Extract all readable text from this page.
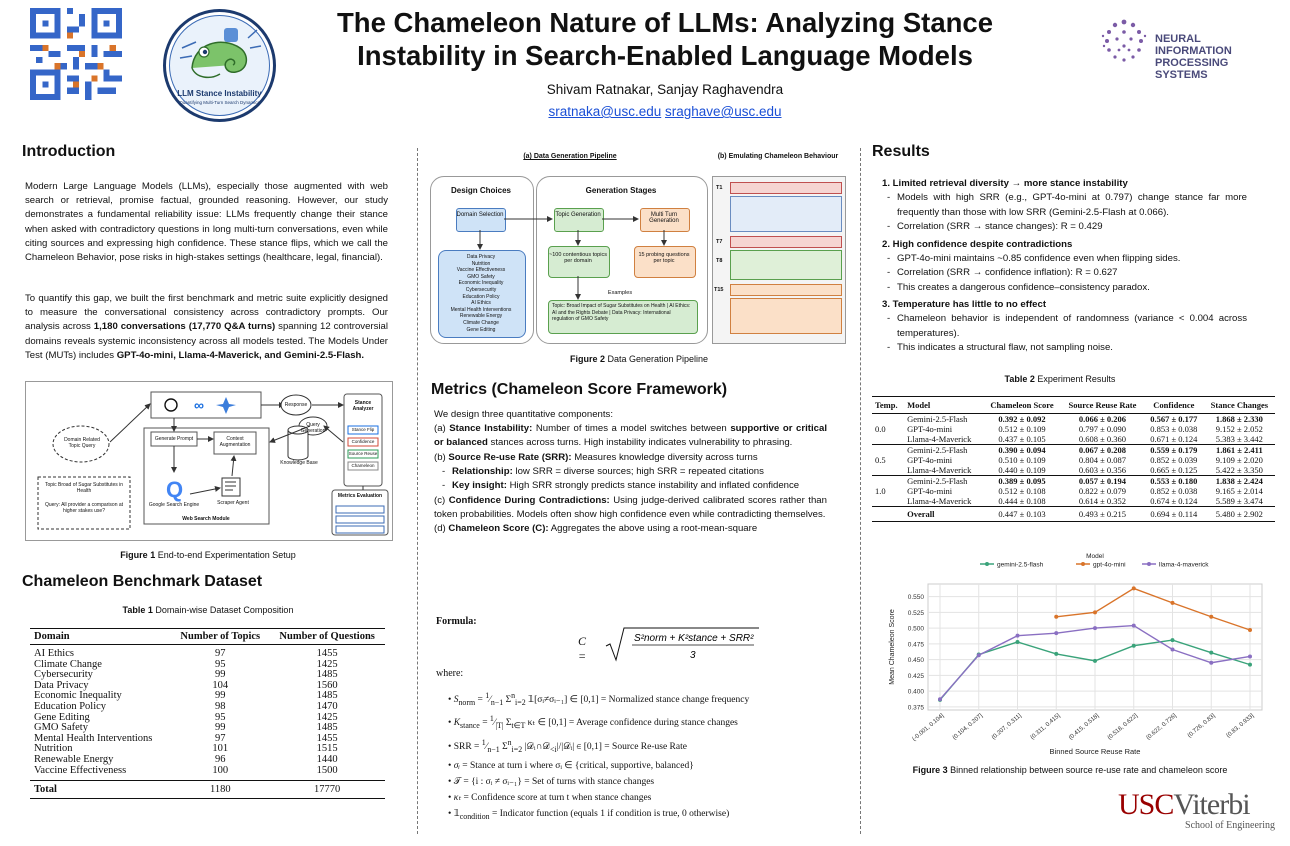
LLM Stance Instability
Quantifying Multi-Turn Search Dynamics
The Chameleon Nature of LLMs: Analyzing Stance
Instability in Search-Enabled Language Models
Shivam Ratnakar, Sanjay Raghavendra
sratnaka@usc.edu sraghave@usc.edu
NEURAL INFORMATION
PROCESSING SYSTEMS
Introduction

Modern Large Language Models (LLMs), especially those augmented with web search or retrieval, promise factual, grounded reasoning. However, our study demonstrates a fundamental reliability issue: LLMs frequently change their stance when asked with contradictory questions in long multi-turn conversations, even while citing sources and expressing high confidence. These stance flips, which we call the Chameleon Behavior, pose risks in high-stakes settings (healthcare, legal, financial).

To quantify this gap, we built the first benchmark and metric suite explicitly designed to measure the conversational consistency across contradictory prompts. Our analysis across 1,180 conversations (17,770 Q&A turns) spanning 12 controversial domains reveals systemic inconsistency across all models tested. The Models Under Test (MUTs) includes GPT-4o-mini, Llama-4-Maverick, and Gemini-2.5-Flash.

∞
Q
Domain Related Topic Query
Topic Broad of Sugar Substitutes in Health
Query: All provider a comparison at higher stakes use?
Generate Prompt	Context Augmentation
Google Search Engine	Scraper Agent
Web Search Module
Response
Query Generation
Knowledge Base
Stance Analyzer
Stance Flip
Confidence
Source Reuse
Chameleon
Metrics Evaluation
Figure 1 End-to-end Experimentation Setup
Chameleon Benchmark Dataset
Table 1 Domain-wise Dataset Composition
Domain	Number of Topics	Number of Questions
AI Ethics	97	1455
Climate Change	95	1425
Cybersecurity	99	1485
Data Privacy	104	1560
Economic Inequality	99	1485
Education Policy	98	1470
Gene Editing	95	1425
GMO Safety	99	1485
Mental Health Interventions	97	1455
Nutrition	101	1515
Renewable Energy	96	1440
Vaccine Effectiveness	100	1500
Total	1180	17770
(a) Data Generation Pipeline	(b) Emulating Chameleon Behaviour
Design Choices
Domain Selection
Data Privacy
Nutrition
Vaccine Effectiveness
GMO Safety
Economic Inequality
Cybersecurity
Education Policy
AI Ethics
Mental Health Interventions
Renewable Energy
Climate Change
Gene Editing
Generation Stages
Topic Generation	Multi Turn Generation
~100 contentious topics per domain
15 probing questions per topic
Examples
Topic: Broad Impact of Sugar Substitutes on Health | AI Ethics: AI and the Rights Debate | Data Privacy: International regulation of GMO Safety
T1
T7
T8
T15
Figure 2 Data Generation Pipeline
Metrics (Chameleon Score Framework)
We design three quantitative components:
(a) Stance Instability: Number of times a model switches between supportive or critical or balanced stances across turns. High instability indicates vulnerability to phrasing.
(b) Source Re-use Rate (SRR): Measures knowledge diversity across turns
- Relationship: low SRR = diverse sources; high SRR = repeated citations
- Key insight: High SRR strongly predicts stance instability and inflated confidence
(c) Confidence During Contradictions: Using judge-derived calibrated scores rather than token probabilities. Models often show high confidence even while contradicting themselves.
(d) Chameleon Score (C): Aggregates the above using a root-mean-square
Formula:
C =
S²norm + K²stance + SRR²
3
where:
• $S_{norm}$ = $^1⁄_{n-1}$ $\Sigma^n_{i=2}$ 𝟙[σᵢ≠σᵢ₋₁] ∈ [0,1] = Normalized stance change frequency
• $K_{stance}$ = $^1⁄_{|T|}$ $\Sigma_{t\in T}$ κₜ ∈ [0,1] = Average confidence during stance changes
• SRR = $^1⁄_{n-1}$ $\Sigma^n_{i=2}$ |𝒟ᵢ∩𝒟$_{<i}$|/|𝒟ᵢ| ∈ [0,1] = Source Re-use Rate
• σᵢ = Stance at turn i where σᵢ ∈ {critical, supportive, balanced}
• 𝒯 = {i : σᵢ ≠ σᵢ₋₁} = Set of turns with stance changes
• κₜ = Confidence score at turn t when stance changes
• $𝟙_{condition}$ = Indicator function (equals 1 if condition is true, 0 otherwise)
Results
1. Limited retrieval diversity → more stance instability
- Models with high SRR (e.g., GPT-4o-mini at 0.797) change stance far more frequently than those with low SRR (Gemini-2.5-Flash at 0.066).
- Correlation (SRR → stance changes): R = 0.429
2. High confidence despite contradictions
- GPT-4o-mini maintains ~0.85 confidence even when flipping sides.
- Correlation (SRR → confidence inflation): R = 0.627
- This creates a dangerous confidence–consistency paradox.
3. Temperature has little to no effect
- Chameleon behavior is independent of randomness (variance < 0.004 across temperatures).
- This indicates a structural flaw, not sampling noise.
Table 2 Experiment Results
Temp.	Model	Chameleon Score	Source Reuse Rate	Confidence	Stance Changes
0.0	Gemini-2.5-Flash	0.392 ± 0.092	0.066 ± 0.206	0.567 ± 0.177	1.868 ± 2.330
	GPT-4o-mini	0.512 ± 0.109	0.797 ± 0.090	0.853 ± 0.038	9.152 ± 2.052
	Llama-4-Maverick	0.437 ± 0.105	0.608 ± 0.360	0.671 ± 0.124	5.383 ± 3.442
0.5	Gemini-2.5-Flash	0.390 ± 0.094	0.067 ± 0.208	0.559 ± 0.179	1.861 ± 2.411
	GPT-4o-mini	0.510 ± 0.109	0.804 ± 0.087	0.852 ± 0.039	9.109 ± 2.020
	Llama-4-Maverick	0.440 ± 0.109	0.603 ± 0.356	0.665 ± 0.125	5.422 ± 3.350
1.0	Gemini-2.5-Flash	0.389 ± 0.095	0.057 ± 0.194	0.553 ± 0.180	1.838 ± 2.424
	GPT-4o-mini	0.512 ± 0.108	0.822 ± 0.079	0.852 ± 0.038	9.165 ± 2.014
	Llama-4-Maverick	0.444 ± 0.108	0.614 ± 0.352	0.674 ± 0.124	5.589 ± 3.474
	Overall	0.447 ± 0.103	0.493 ± 0.215	0.694 ± 0.114	5.480 ± 2.902
0.375
0.400
0.425
0.450
0.475
0.500
0.525
0.550
(-0.001, 0.104] (0.104, 0.207] (0.207, 0.311] (0.311, 0.415] (0.415, 0.518] (0.518, 0.622] (0.622, 0.726] (0.726, 0.83] (0.83, 0.933]
Binned Source Reuse Rate
Mean Chameleon Score
Model
gemini-2.5-flash	gpt-4o-mini	llama-4-maverick
Figure 3 Binned relationship between source re-use rate and chameleon score
USCViterbi
School of Engineering
